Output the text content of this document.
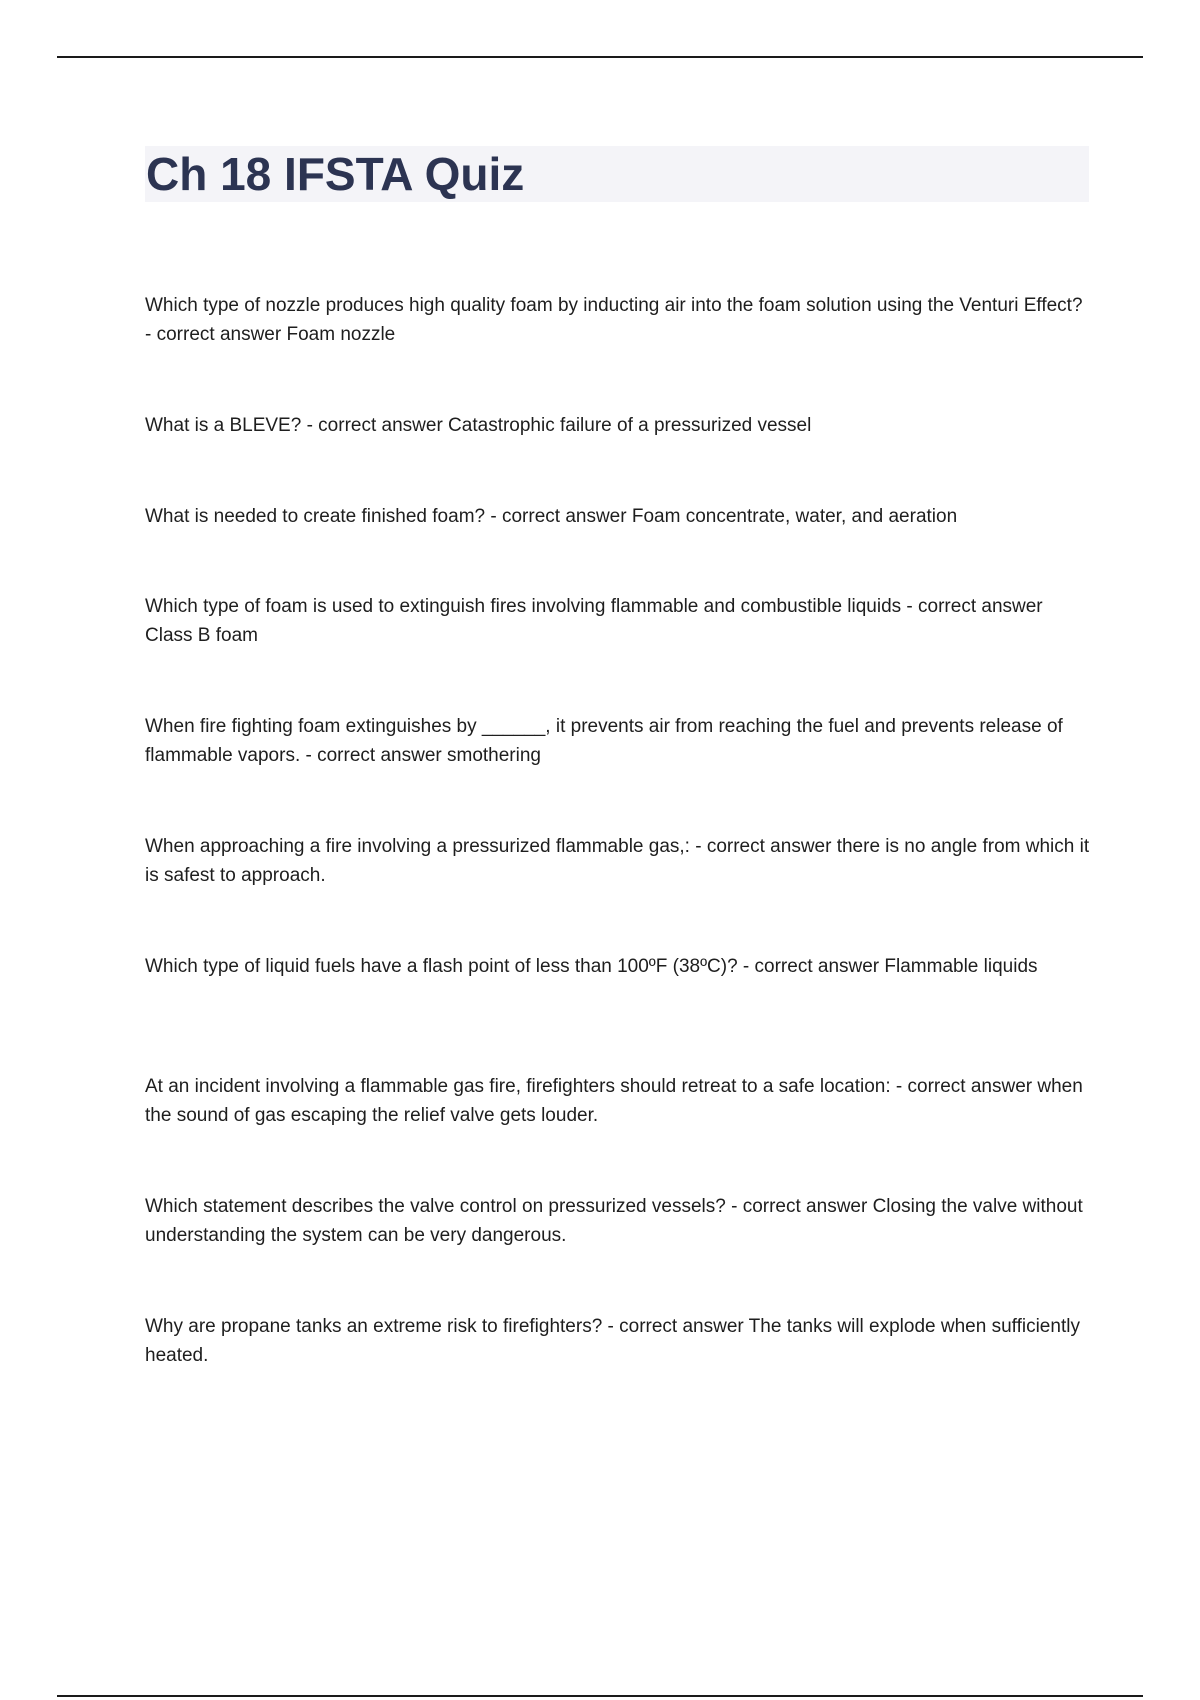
Ch 18 IFSTA Quiz

Which type of nozzle produces high quality foam by inducting air into the foam solution using the Venturi Effect? - correct answer Foam nozzle

What is a BLEVE? - correct answer Catastrophic failure of a pressurized vessel

What is needed to create finished foam? - correct answer Foam concentrate, water, and aeration

Which type of foam is used to extinguish fires involving flammable and combustible liquids - correct answer Class B foam

When fire fighting foam extinguishes by ______, it prevents air from reaching the fuel and prevents release of flammable vapors. - correct answer smothering

When approaching a fire involving a pressurized flammable gas,: - correct answer there is no angle from which it is safest to approach.

Which type of liquid fuels have a flash point of less than 100ºF (38ºC)? - correct answer Flammable liquids

At an incident involving a flammable gas fire, firefighters should retreat to a safe location: - correct answer when the sound of gas escaping the relief valve gets louder.

Which statement describes the valve control on pressurized vessels? - correct answer Closing the valve without understanding the system can be very dangerous.

Why are propane tanks an extreme risk to firefighters? - correct answer The tanks will explode when sufficiently heated.
